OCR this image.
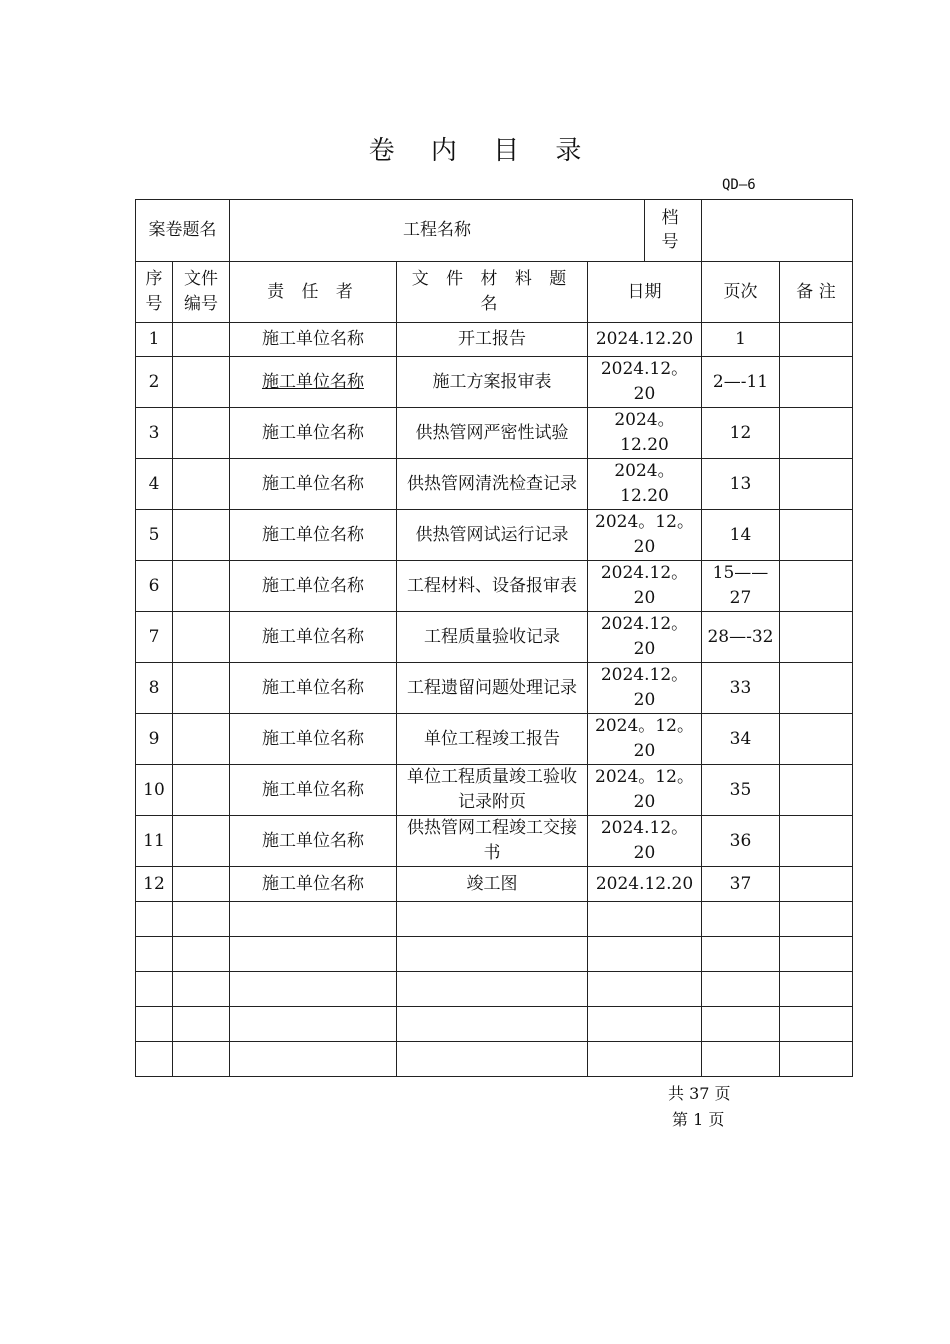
卷 内 目 录
QD—6
案卷题名		工程名称			档号		
序号	文件编号	责 任 者	文 件 材 料 题 名	日期		页次	备 注
1		施工单位名称	开工报告	2024.12.20		1	
2		施工单位名称	施工方案报审表	2024.12。20		2—-11	
3		施工单位名称	供热管网严密性试验	2024。12.20		12	
4		施工单位名称	供热管网清洗检查记录	2024。12.20		13	
5		施工单位名称	供热管网试运行记录	2024。12。20		14	
6		施工单位名称	工程材料、设备报审表	2024.12。20		15——27	
7		施工单位名称	工程质量验收记录	2024.12。20		28—-32	
8		施工单位名称	工程遗留问题处理记录	2024.12。20		33	
9		施工单位名称	单位工程竣工报告	2024。12。20		34	
10		施工单位名称	单位工程质量竣工验收记录附页	2024。12。20		35	
11		施工单位名称	供热管网工程竣工交接书	2024.12。20		36	
12		施工单位名称	竣工图	2024.12.20		37	

共 37 页
第 1 页
